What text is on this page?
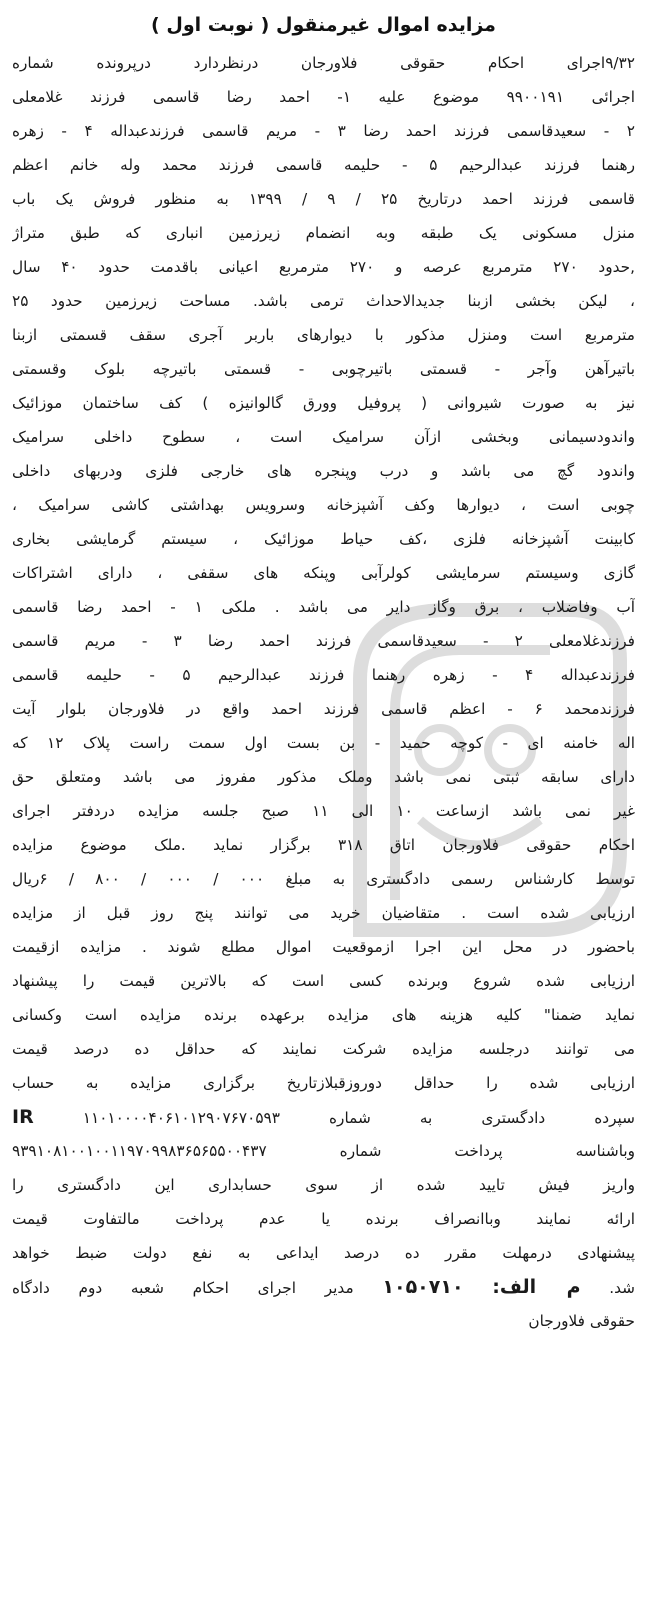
مزایده اموال غیرمنقول ( نوبت اول )
۹/۳۲اجرای احکام حقوقی فلاورجان درنظردارد درپرونده شماره
اجرائی ۹۹۰۰۱۹۱ موضوع علیه ۱- احمد رضا قاسمی فرزند غلامعلی
۲ - سعیدقاسمی فرزند احمد رضا ۳ - مریم قاسمی فرزندعبداله ۴ - زهره
رهنما فرزند عبدالرحیم ۵ - حلیمه قاسمی فرزند محمد وله خانم اعظم
قاسمی فرزند احمد درتاریخ ۲۵ / ۹ / ۱۳۹۹ به منظور فروش یک باب
منزل مسکونی یک طبقه وبه انضمام زیرزمین انباری که طبق متراژ
,حدود ۲۷۰ مترمربع عرصه و ۲۷۰ مترمربع اعیانی باقدمت حدود ۴۰ سال
، لیکن بخشی ازبنا جدیدالاحداث ترمی باشد. مساحت زیرزمین حدود ۲۵
مترمربع است ومنزل مذکور با دیوارهای باربر آجری سقف قسمتی ازبنا
باتیرآهن وآجر - قسمتی باتیرچوبی - قسمتی باتیرچه بلوک وقسمتی
نیز به صورت شیروانی ( پروفیل وورق گالوانیزه ) کف ساختمان موزائیک
واندودسیمانی وبخشی ازآن سرامیک است ، سطوح داخلی سرامیک
واندود گچ می باشد و درب وپنجره های خارجی فلزی ودربهای داخلی
چوبی است ، دیوارها وکف آشپزخانه وسرویس بهداشتی کاشی سرامیک ،
کابینت آشپزخانه فلزی ،کف حیاط موزائیک ، سیستم گرمایشی بخاری
گازی وسیستم سرمایشی کولرآبی وپنکه های سقفی ، دارای اشتراکات
آب وفاضلاب ، برق وگاز دایر می باشد . ملکی ۱ - احمد رضا قاسمی
فرزندغلامعلی ۲ - سعیدقاسمی فرزند احمد رضا ۳ - مریم قاسمی
فرزندعبداله ۴ - زهره رهنما فرزند عبدالرحیم ۵ - حلیمه قاسمی
فرزندمحمد ۶ - اعظم قاسمی فرزند احمد واقع در فلاورجان بلوار آیت
اله خامنه ای - کوچه حمید - بن بست اول سمت راست پلاک ۱۲ که
دارای سابقه ثبتی نمی باشد وملک مذکور مفروز می باشد ومتعلق حق
غیر نمی باشد ازساعت ۱۰ الی ۱۱ صبح جلسه مزایده دردفتر اجرای
احکام حقوقی فلاورجان اتاق ۳۱۸ برگزار نماید .ملک موضوع مزایده
توسط کارشناس رسمی دادگستری به مبلغ ۰۰۰ / ۰۰۰ / ۸۰۰ / ۶ریال
ارزیابی شده است . متقاضیان خرید می توانند پنج روز قبل از مزایده
باحضور در محل این اجرا ازموقعیت اموال مطلع شوند . مزایده ازقیمت
ارزیابی شده شروع وبرنده کسی است که بالاترین قیمت را پیشنهاد
نماید ضمنا" کلیه هزینه های مزایده برعهده برنده مزایده است وکسانی
می توانند درجلسه مزایده شرکت نمایند که حداقل ده درصد قیمت
ارزیابی شده را حداقل دوروزقبلازتاریخ برگزاری مزایده به حساب
سپرده دادگستری به شماره ۱۱۰۱۰۰۰۰۴۰۶۱۰۱۲۹۰۷۶۷۰۵۹۳ IR
وباشناسه پرداخت شماره ۹۳۹۱۰۸۱۰۰۱۰۰۱۱۹۷۰۹۹۸۳۶۵۶۵۵۰۰۴۳۷
واریز فیش تایید شده از سوی حسابداری این دادگستری را
ارائه نمایند وباانصراف برنده یا عدم پرداخت مالتفاوت قیمت
پیشنهادی درمهلت مقرر ده درصد ایداعی به نفع دولت ضبط خواهد
شد. م الف: ۱۰۵۰۷۱۰ مدیر اجرای احکام شعبه دوم دادگاه
حقوقی فلاورجان
